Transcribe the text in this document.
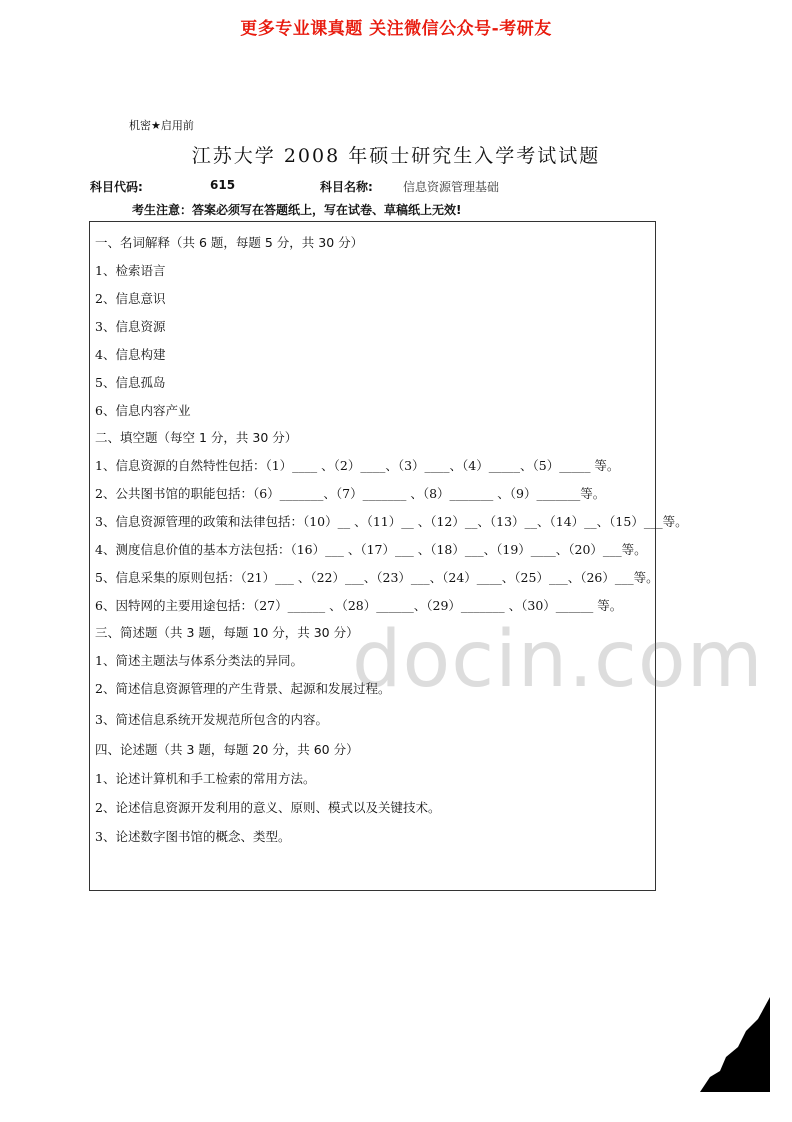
更多专业课真题 关注微信公众号-考研友
机密★启用前
江苏大学 2008 年硕士研究生入学考试试题
科目代码:	615	科目名称:	信息资源管理基础
考生注意：答案必须写在答题纸上，写在试卷、草稿纸上无效!
一、名词解释（共 6 题，每题 5 分，共 30 分）
1、检索语言
2、信息意识
3、信息资源
4、信息构建
5、信息孤岛
6、信息内容产业
二、填空题（每空 1 分，共 30 分）
1、信息资源的自然特性包括：（1）____ 、（2）____、（3）____、（4）_____、（5）_____ 等。
2、公共图书馆的职能包括：（6）_______、（7）_______ 、（8）_______ 、（9）_______等。
3、信息资源管理的政策和法律包括：（10）__ 、（11）__ 、（12）__、（13）__、（14）__、（15）___等。
4、测度信息价值的基本方法包括：（16）___ 、（17）___ 、（18）___、（19）____、（20）___等。
5、信息采集的原则包括：（21）___ 、（22）___、（23）___、（24）____、（25）___、（26）___等。
6、因特网的主要用途包括：（27）______ 、（28）______、（29）_______ 、（30）______ 等。
三、简述题（共 3 题，每题 10 分，共 30 分）
1、简述主题法与体系分类法的异同。
2、简述信息资源管理的产生背景、起源和发展过程。
3、简述信息系统开发规范所包含的内容。
四、论述题（共 3 题，每题 20 分，共 60 分）
1、论述计算机和手工检索的常用方法。
2、论述信息资源开发利用的意义、原则、模式以及关键技术。
3、论述数字图书馆的概念、类型。
docin.com
